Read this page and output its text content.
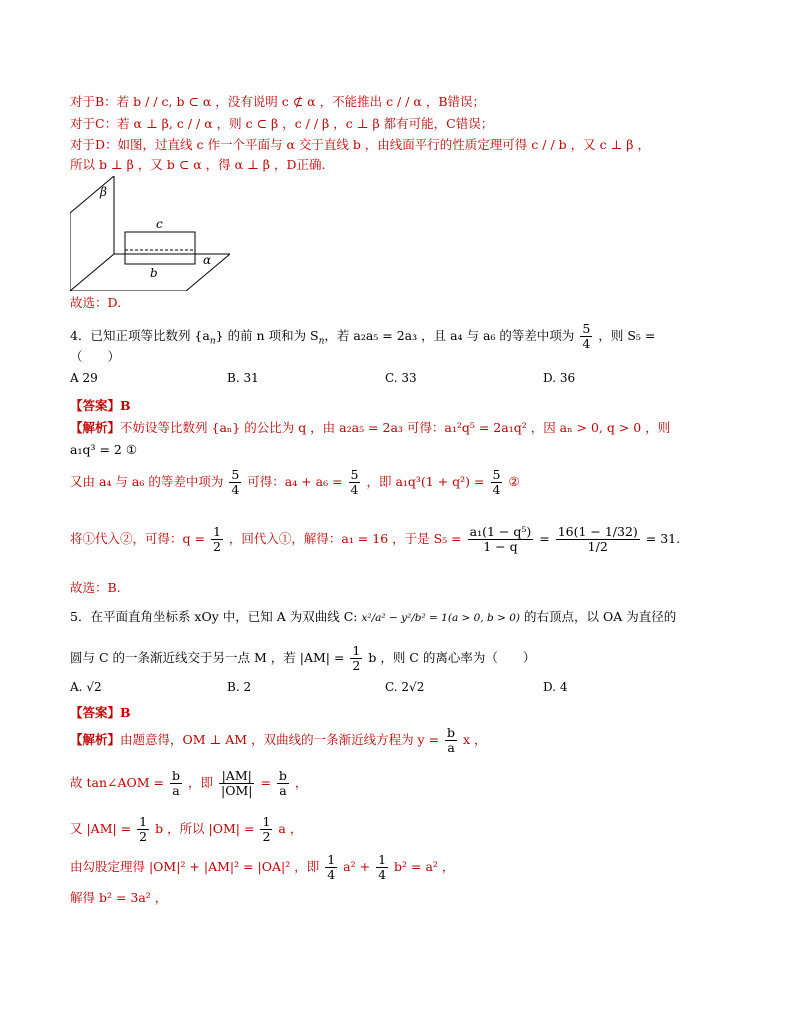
对于B：若 b / / c, b ⊂ α ，没有说明 c ⊄ α ，不能推出 c / / α ，B错误；
对于C：若 α ⊥ β, c / / α ，则 c ⊂ β ，c / / β ，c ⊥ β 都有可能，C错误；
对于D：如图，过直线 c 作一个平面与 α 交于直线 b ，由线面平行的性质定理可得 c / / b ，又 c ⊥ β ，
所以 b ⊥ β ，又 b ⊂ α ，得 α ⊥ β ，D正确.
β
c
b
α
故选：D.
4．已知正项等比数列 $\{a_n\}$ 的前 n 项和为 $S_n$，若 a₂a₅ = 2a₃ ，且 a₄ 与 a₆ 的等差中项为 $\frac{5}{4}$ ，则 S₅ =
（　　）
A 29	B. 31	C. 33	D. 36
【答案】B
【解析】不妨设等比数列 {aₙ} 的公比为 q ，由 a₂a₅ = 2a₃ 可得：a₁²q⁵ = 2a₁q² ，因 aₙ > 0, q > 0 ，则
a₁q³ = 2 ①
又由 a₄ 与 a₆ 的等差中项为 $\frac{5}{4}$ 可得：$a_4 + a_6 = \frac{5}{4}$ ，即 $a_1q^3(1 + q^2) = \frac{5}{4}$ ②
将①代入②，可得：$q = \frac{1}{2}$ ，回代入①，解得：a₁ = 16 ，于是 $S_5 = \frac{\text{a₁(1 − q⁵)}}{1 - q} = \frac{16(1 - 1/32)}{1/2} = 31$.
故选：B.
5．在平面直角坐标系 xOy 中，已知 A 为双曲线 C: x²/a² − y²/b² = 1(a > 0, b > 0) 的右顶点，以 OA 为直径的
圆与 C 的一条渐近线交于另一点 M ，若 $|AM| = \frac{1}{2}$ b ，则 C 的离心率为（　　）
A. √2	B. 2	C. 2√2	D. 4
【答案】B
【解析】由题意得，OM ⊥ AM ，双曲线的一条渐近线方程为 $y = \frac{b}{a}$ x ，
故 tan∠AOM = $\frac{b}{a}$ ，即 $\frac{|AM|}{|OM|} = \frac{b}{a}$ ，
又 $|AM| = \frac{1}{2}$ b ，所以 $|OM| = \frac{1}{2}$ a ，
由勾股定理得 |OM|² + |AM|² = |OA|² ，即 $\frac{1}{4} a^2 + \frac{1}{4} b^2 = a^2$ ，
解得 b² = 3a² ，
